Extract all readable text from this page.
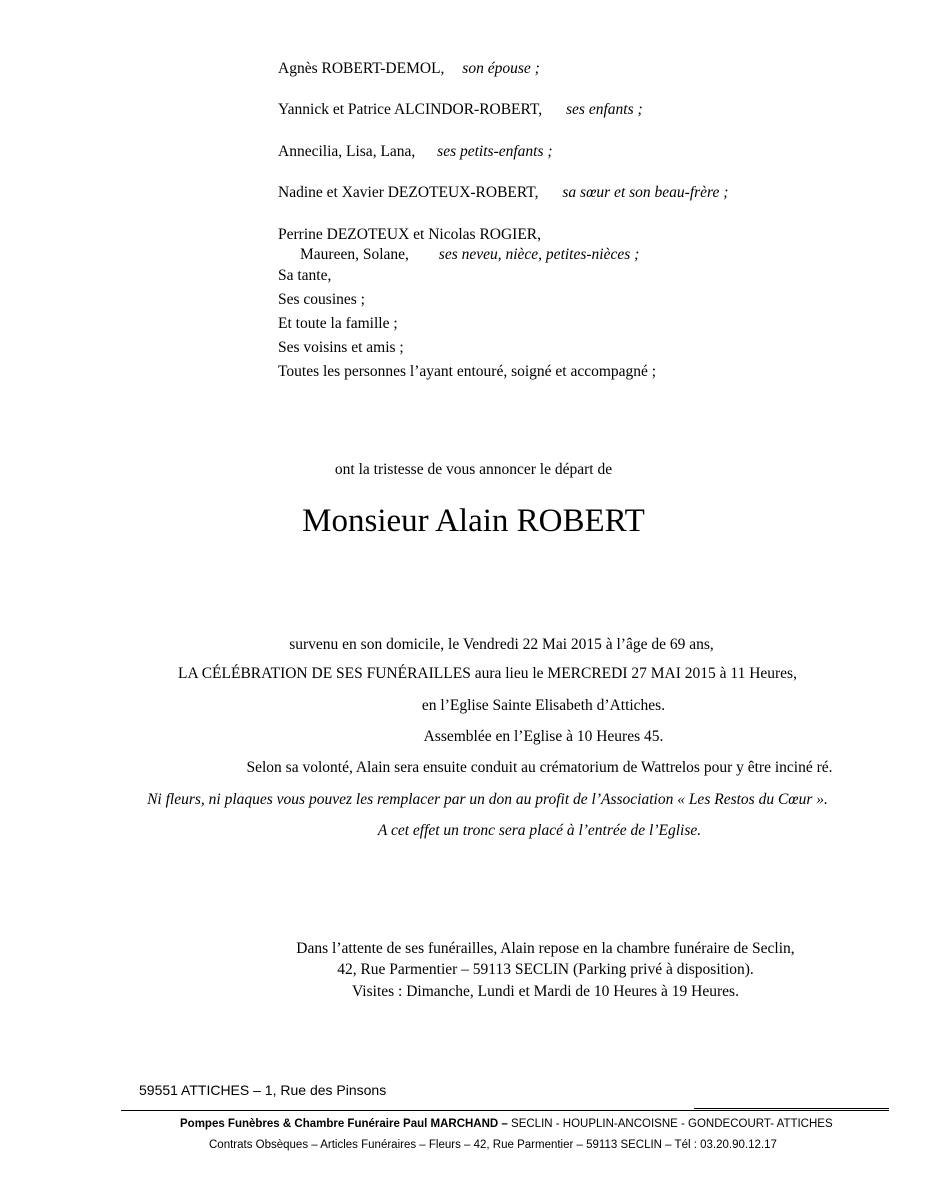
Agnès ROBERT-DEMOL, son épouse ;
Yannick et Patrice ALCINDOR-ROBERT, ses enfants ;
Annecilia, Lisa, Lana, ses petits-enfants ;
Nadine et Xavier DEZOTEUX-ROBERT, sa sœur et son beau-frère ;
Perrine DEZOTEUX et Nicolas ROGIER,
Maureen, Solane, ses neveu, nièce, petites-nièces ;
Sa tante,
Ses cousines ;
Et toute la famille ;
Ses voisins et amis ;
Toutes les personnes l’ayant entouré, soigné et accompagné ;
ont la tristesse de vous annoncer le départ de
Monsieur Alain ROBERT
survenu en son domicile, le Vendredi 22 Mai 2015 à l’âge de 69 ans,
LA CÉLÉBRATION DE SES FUNÉRAILLES aura lieu le MERCREDI 27 MAI 2015 à 11 Heures,
en l’Eglise Sainte Elisabeth d’Attiches.
Assemblée en l’Eglise à 10 Heures 45.
Selon sa volonté, Alain sera ensuite conduit au crématorium de Wattrelos pour y être inciné ré.
Ni fleurs, ni plaques vous pouvez les remplacer par un don au profit de l’Association « Les Restos du Cœur ».
A cet effet un tronc sera placé à l’entrée de l’Eglise.
Dans l’attente de ses funérailles, Alain repose en la chambre funéraire de Seclin,
42, Rue Parmentier – 59113 SECLIN (Parking privé à disposition).
Visites : Dimanche, Lundi et Mardi de 10 Heures à 19 Heures.
59551 ATTICHES – 1, Rue des Pinsons
Pompes Funèbres & Chambre Funéraire Paul MARCHAND – SECLIN - HOUPLIN-ANCOISNE - GONDECOURT- ATTICHES
Contrats Obsèques – Articles Funéraires – Fleurs – 42, Rue Parmentier – 59113 SECLIN – Tél : 03.20.90.12.17
